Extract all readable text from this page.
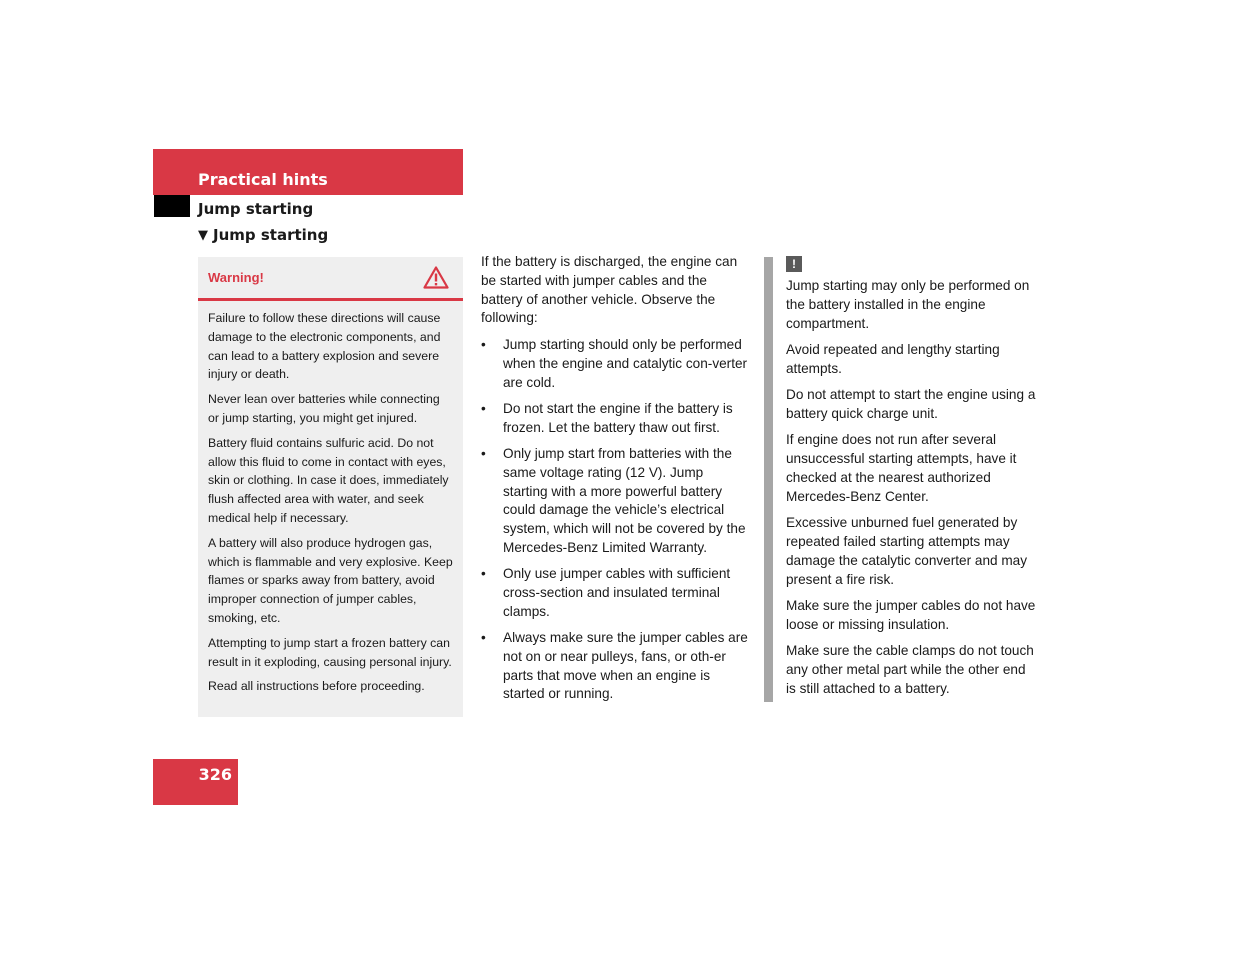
Practical hints
Jump starting
▼ Jump starting
Warning!

Failure to follow these directions will cause damage to the electronic components, and can lead to a battery explosion and severe injury or death.

Never lean over batteries while connecting or jump starting, you might get injured.

Battery fluid contains sulfuric acid. Do not allow this fluid to come in contact with eyes, skin or clothing. In case it does, immediately flush affected area with water, and seek medical help if necessary.

A battery will also produce hydrogen gas, which is flammable and very explosive. Keep flames or sparks away from battery, avoid improper connection of jumper cables, smoking, etc.

Attempting to jump start a frozen battery can result in it exploding, causing personal injury.

Read all instructions before proceeding.

If the battery is discharged, the engine can be started with jumper cables and the battery of another vehicle. Observe the following:

• Jump starting should only be performed when the engine and catalytic con-verter are cold.
• Do not start the engine if the battery is frozen. Let the battery thaw out first.
• Only jump start from batteries with the same voltage rating (12 V). Jump starting with a more powerful battery could damage the vehicle’s electrical system, which will not be covered by the Mercedes-Benz Limited Warranty.
• Only use jumper cables with sufficient cross-section and insulated terminal clamps.
• Always make sure the jumper cables are not on or near pulleys, fans, or oth-er parts that move when an engine is started or running.
!

Jump starting may only be performed on the battery installed in the engine compartment.

Avoid repeated and lengthy starting attempts.

Do not attempt to start the engine using a battery quick charge unit.

If engine does not run after several unsuccessful starting attempts, have it checked at the nearest authorized Mercedes-Benz Center.

Excessive unburned fuel generated by repeated failed starting attempts may damage the catalytic converter and may present a fire risk.

Make sure the jumper cables do not have loose or missing insulation.

Make sure the cable clamps do not touch any other metal part while the other end is still attached to a battery.

326
